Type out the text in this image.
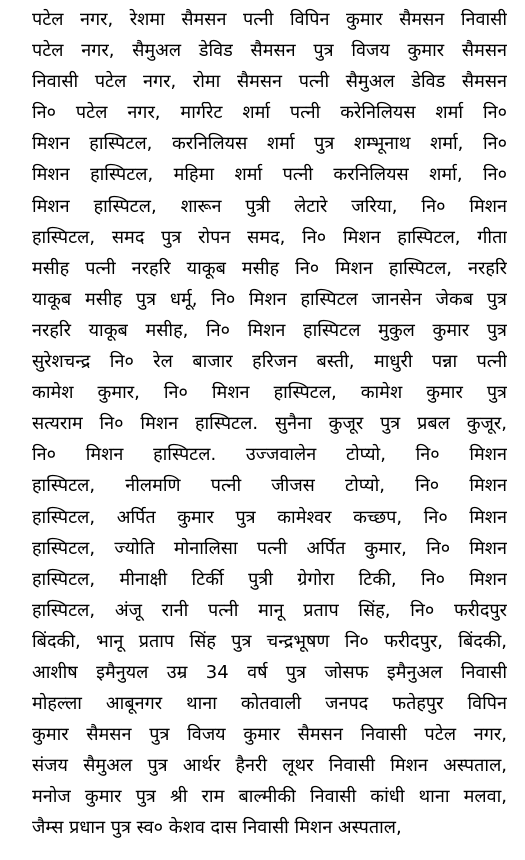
पटेल नगर, रेशमा सैमसन पत्नी विपिन कुमार सैमसन निवासी
पटेल नगर, सैमुअल डेविड सैमसन पुत्र विजय कुमार सैमसन
निवासी पटेल नगर, रोमा सैमसन पत्नी सैमुअल डेविड सैमसन
नि० पटेल नगर, मार्गरेट शर्मा पत्नी करेनिलियस शर्मा नि०
मिशन हास्पिटल, करनिलियस शर्मा पुत्र शम्भूनाथ शर्मा, नि०
मिशन हास्पिटल, महिमा शर्मा पत्नी करनिलियस शर्मा, नि०
मिशन हास्पिटल, शारून पुत्री लेटारे जरिया, नि० मिशन
हास्पिटल, समद पुत्र रोपन समद, नि० मिशन हास्पिटल, गीता
मसीह पत्नी नरहरि याकूब मसीह नि० मिशन हास्पिटल, नरहरि
याकूब मसीह पुत्र धर्मू, नि० मिशन हास्पिटल जानसेन जेकब पुत्र
नरहरि याकूब मसीह, नि० मिशन हास्पिटल मुकुल कुमार पुत्र
सुरेशचन्द्र नि० रेल बाजार हरिजन बस्ती, माधुरी पन्ना पत्नी
कामेश कुमार, नि० मिशन हास्पिटल, कामेश कुमार पुत्र
सत्यराम नि० मिशन हास्पिटल. सुनैना कुजूर पुत्र प्रबल कुजूर,
नि० मिशन हास्पिटल. उज्जवालेन टोप्यो, नि० मिशन
हास्पिटल, नीलमणि पत्नी जीजस टोप्यो, नि० मिशन
हास्पिटल, अर्पित कुमार पुत्र कामेश्वर कच्छप, नि० मिशन
हास्पिटल, ज्योति मोनालिसा पत्नी अर्पित कुमार, नि० मिशन
हास्पिटल, मीनाक्षी टिर्की पुत्री ग्रेगोरा टिकी, नि० मिशन
हास्पिटल, अंजू रानी पत्नी मानू प्रताप सिंह, नि० फरीदपुर
बिंदकी, भानू प्रताप सिंह पुत्र चन्द्रभूषण नि० फरीदपुर, बिंदकी,
आशीष इमैनुयल उम्र 34 वर्ष पुत्र जोसफ इमैनुअल निवासी
मोहल्ला आबूनगर थाना कोतवाली जनपद फतेहपुर विपिन
कुमार सैमसन पुत्र विजय कुमार सैमसन निवासी पटेल नगर,
संजय सैमुअल पुत्र आर्थर हैनरी लूथर निवासी मिशन अस्पताल,
मनोज कुमार पुत्र श्री राम बाल्मीकी निवासी कांधी थाना मलवा,
जैम्स प्रधान पुत्र स्व० केशव दास निवासी मिशन अस्पताल,
